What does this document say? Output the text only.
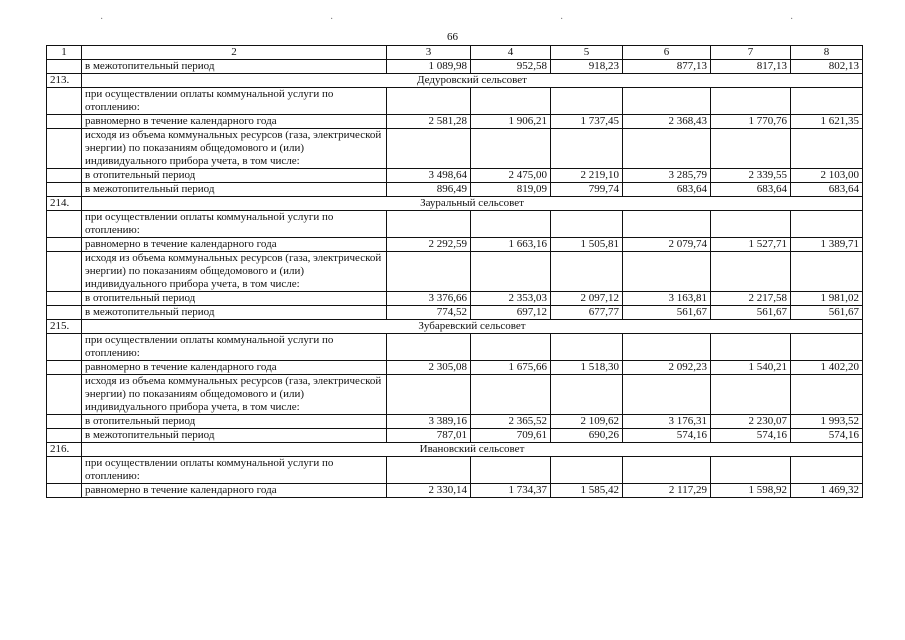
·	·	·	·
66
1	2	3	4	5	6	7	8
	в межотопительный период	1 089,98	952,58	918,23	877,13	817,13	802,13
213.	Дедуровский сельсовет						
	при осуществлении оплаты коммунальной услуги по отоплению:						
	равномерно в течение календарного года	2 581,28	1 906,21	1 737,45	2 368,43	1 770,76	1 621,35
	исходя из объема коммунальных ресурсов (газа, электрической энергии) по показаниям общедомового и (или) индивидуального прибора учета, в том числе:						
	в отопительный период	3 498,64	2 475,00	2 219,10	3 285,79	2 339,55	2 103,00
	в межотопительный период	896,49	819,09	799,74	683,64	683,64	683,64
214.	Зауральный сельсовет						
	при осуществлении оплаты коммунальной услуги по отоплению:						
	равномерно в течение календарного года	2 292,59	1 663,16	1 505,81	2 079,74	1 527,71	1 389,71
	исходя из объема коммунальных ресурсов (газа, электрической энергии) по показаниям общедомового и (или) индивидуального прибора учета, в том числе:						
	в отопительный период	3 376,66	2 353,03	2 097,12	3 163,81	2 217,58	1 981,02
	в межотопительный период	774,52	697,12	677,77	561,67	561,67	561,67
215.	Зубаревский сельсовет						
	при осуществлении оплаты коммунальной услуги по отоплению:						
	равномерно в течение календарного года	2 305,08	1 675,66	1 518,30	2 092,23	1 540,21	1 402,20
	исходя из объема коммунальных ресурсов (газа, электрической энергии) по показаниям общедомового и (или) индивидуального прибора учета, в том числе:						
	в отопительный период	3 389,16	2 365,52	2 109,62	3 176,31	2 230,07	1 993,52
	в межотопительный период	787,01	709,61	690,26	574,16	574,16	574,16
216.	Ивановский сельсовет						
	при осуществлении оплаты коммунальной услуги по отоплению:						
	равномерно в течение календарного года	2 330,14	1 734,37	1 585,42	2 117,29	1 598,92	1 469,32
